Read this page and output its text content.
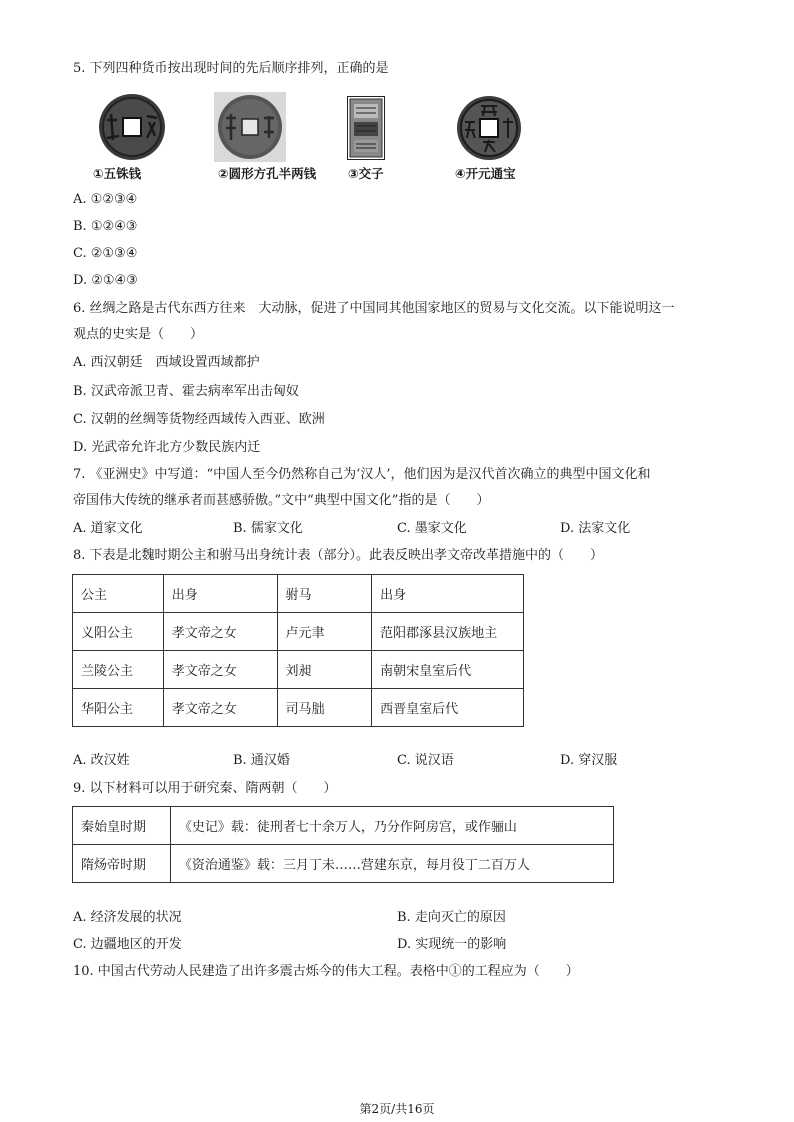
5. 下列四种货币按出现时间的先后顺序排列，正确的是
①五铢钱	②圆形方孔半两钱	③交子	④开元通宝
A. ①②③④
B. ①②④③
C. ②①③④
D. ②①④③
6. 丝绸之路是古代东西方往来　大动脉，促进了中国同其他国家地区的贸易与文化交流。以下能说明这一
观点的史实是（　　）
A. 西汉朝廷　西域设置西域都护
B. 汉武帝派卫青、霍去病率军出击匈奴
C. 汉朝的丝绸等货物经西域传入西亚、欧洲
D. 光武帝允许北方少数民族内迁
7. 《亚洲史》中写道：“中国人至今仍然称自己为‘汉人’，他们因为是汉代首次确立的典型中国文化和
帝国伟大传统的继承者而甚感骄傲。”文中“典型中国文化”指的是（　　）
A. 道家文化	B. 儒家文化	C. 墨家文化	D. 法家文化
8. 下表是北魏时期公主和驸马出身统计表（部分）。此表反映出孝文帝改革措施中的（　　）
公主	出身	驸马	出身
义阳公主	孝文帝之女	卢元聿	范阳郡涿县汉族地主
兰陵公主	孝文帝之女	刘昶	南朝宋皇室后代
华阳公主	孝文帝之女	司马朏	西晋皇室后代
A. 改汉姓	B. 通汉婚	C. 说汉语	D. 穿汉服
9. 以下材料可以用于研究秦、隋两朝（　　）
秦始皇时期	《史记》载：徒刑者七十余万人，乃分作阿房宫，或作骊山
隋炀帝时期	《资治通鉴》载：三月丁未……营建东京，每月役丁二百万人
A. 经济发展的状况	B. 走向灭亡的原因
C. 边疆地区的开发	D. 实现统一的影响
10. 中国古代劳动人民建造了出许多震古烁今的伟大工程。表格中①的工程应为（　　）
第2页/共16页
